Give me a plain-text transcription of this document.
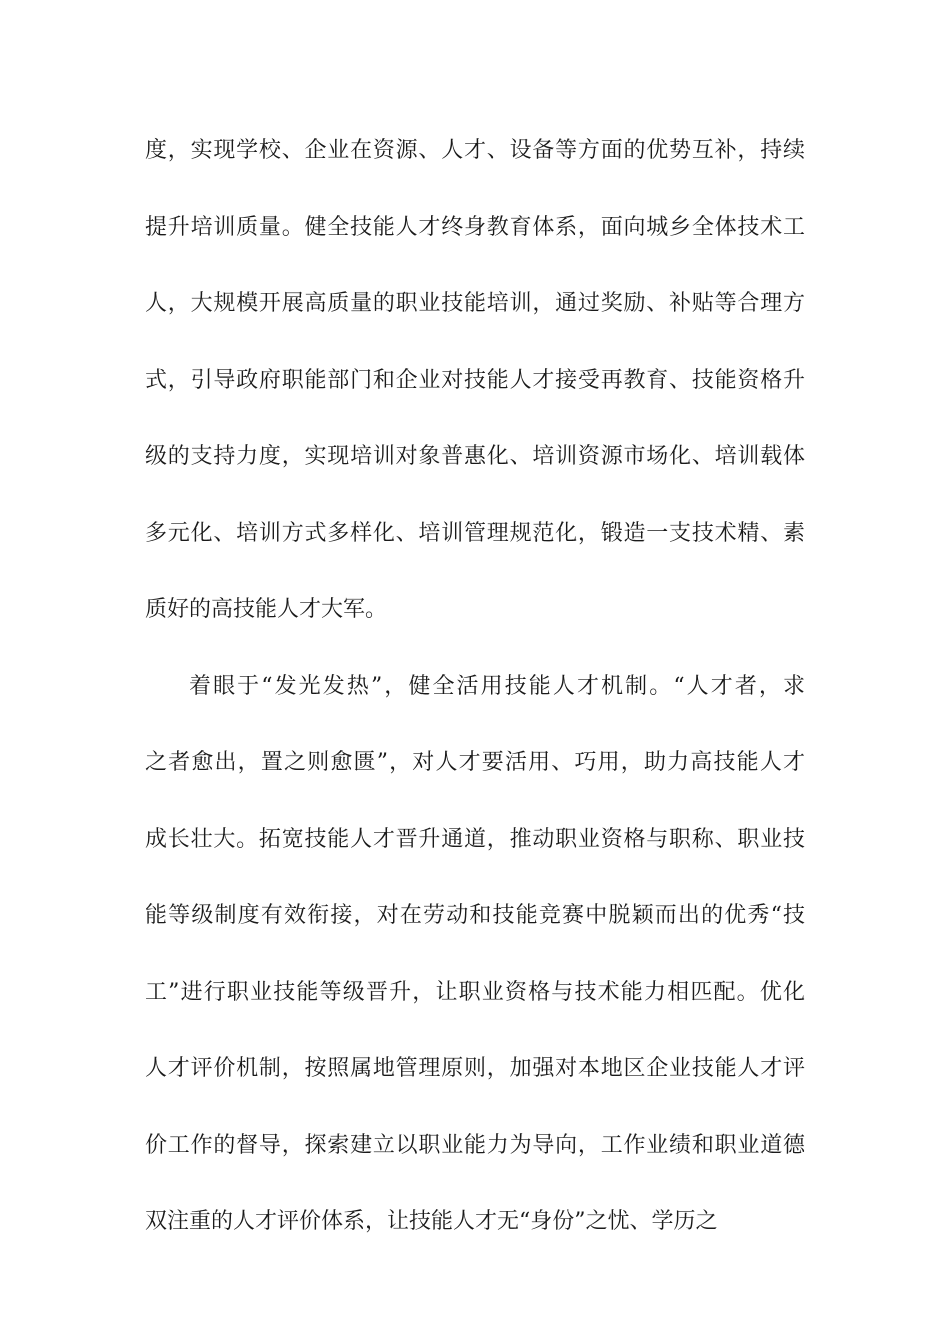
度，实现学校、企业在资源、人才、设备等方面的优势互补，持续
提升培训质量。健全技能人才终身教育体系，面向城乡全体技术工
人，大规模开展高质量的职业技能培训，通过奖励、补贴等合理方
式，引导政府职能部门和企业对技能人才接受再教育、技能资格升
级的支持力度，实现培训对象普惠化、培训资源市场化、培训载体
多元化、培训方式多样化、培训管理规范化，锻造一支技术精、素
质好的高技能人才大军。
着眼于“发光发热”，健全活用技能人才机制。“人才者，求
之者愈出，置之则愈匮”，对人才要活用、巧用，助力高技能人才
成长壮大。拓宽技能人才晋升通道，推动职业资格与职称、职业技
能等级制度有效衔接，对在劳动和技能竞赛中脱颖而出的优秀“技
工”进行职业技能等级晋升，让职业资格与技术能力相匹配。优化
人才评价机制，按照属地管理原则，加强对本地区企业技能人才评
价工作的督导，探索建立以职业能力为导向，工作业绩和职业道德
双注重的人才评价体系，让技能人才无“身份”之忧、学历之
